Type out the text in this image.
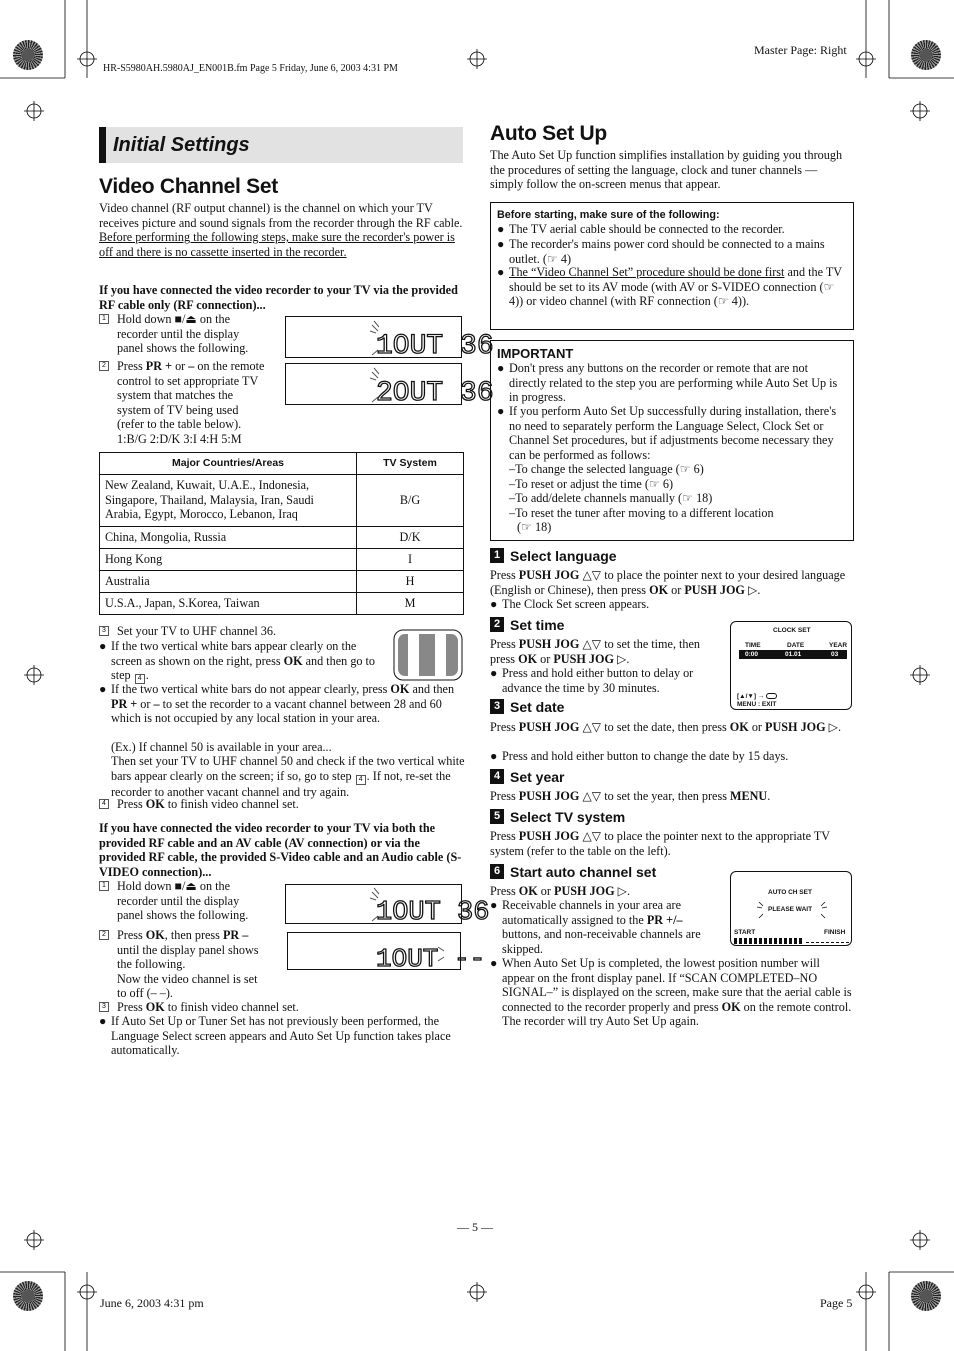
Master Page: Right
HR-S5980AH.5980AJ_EN001B.fm Page 5 Friday, June 6, 2003 4:31 PM
— 5 —
June 6, 2003 4:31 pm	Page 5
Initial Settings
Video Channel Set
Video channel (RF output channel) is the channel on which your TV receives picture and sound signals from the recorder through the RF cable. Before performing the following steps, make sure the recorder's power is off and there is no cassette inserted in the recorder.
If you have connected the video recorder to your TV via the provided RF cable only (RF connection)...
1 Hold down ■/⏏ on the recorder until the display panel shows the following.	1OUT 36
2 Press PR + or – on the remote control to set appropriate TV system that matches the system of TV being used (refer to the table below).
1:B/G 2:D/K 3:I 4:H 5:M
2OUT 36
Major Countries/Areas	TV System
New Zealand, Kuwait, U.A.E., Indonesia, Singapore, Thailand, Malaysia, Iran, Saudi Arabia, Egypt, Morocco, Lebanon, Iraq	B/G
China, Mongolia, Russia	D/K
Hong Kong	I
Australia	H
U.S.A., Japan, S.Korea, Taiwan	M
3 Set your TV to UHF channel 36.
● If the two vertical white bars appear clearly on the screen as shown on the right, press OK and then go to step 4 .
● If the two vertical white bars do not appear clearly, press OK and then PR + or – to set the recorder to a vacant channel between 28 and 60 which is not occupied by any local station in your area.
(Ex.) If channel 50 is available in your area...
Then set your TV to UHF channel 50 and check if the two vertical white bars appear clearly on the screen; if so, go to step 4 . If not, re-set the recorder to another vacant channel and try again.
4 Press OK to finish video channel set.
If you have connected the video recorder to your TV via both the provided RF cable and an AV cable (AV connection) or via the provided RF cable, the provided S-Video cable and an Audio cable (S-VIDEO connection)...
1 Hold down ■/⏏ on the recorder until the display panel shows the following.	1OUT 36
2 Press OK, then press PR – until the display panel shows the following.
Now the video channel is set to off (– –).
1OUT --
3 Press OK to finish video channel set.
● If Auto Set Up or Tuner Set has not previously been performed, the Language Select screen appears and Auto Set Up function takes place automatically.
Auto Set Up
The Auto Set Up function simplifies installation by guiding you through the procedures of setting the language, clock and tuner channels — simply follow the on-screen menus that appear.
Before starting, make sure of the following:
● The TV aerial cable should be connected to the recorder.
● The recorder's mains power cord should be connected to a mains outlet. (☞ 4)
● The “Video Channel Set” procedure should be done first and the TV should be set to its AV mode (with AV or S-VIDEO connection (☞ 4)) or video channel (with RF connection (☞ 4)).
IMPORTANT
● Don't press any buttons on the recorder or remote that are not directly related to the step you are performing while Auto Set Up is in progress.
● If you perform Auto Set Up successfully during installation, there's no need to separately perform the Language Select, Clock Set or Channel Set procedures, but if adjustments become necessary they can be performed as follows:
–To change the selected language (☞ 6)
–To reset or adjust the time (☞ 6)
–To add/delete channels manually (☞ 18)
–To reset the tuner after moving to a different location
(☞ 18)
1 Select language
Press PUSH JOG △▽ to place the pointer next to your desired language (English or Chinese), then press OK or PUSH JOG ▷.
● The Clock Set screen appears.
2 Set time
Press PUSH JOG △▽ to set the time, then press OK or PUSH JOG ▷.
● Press and hold either button to delay or advance the time by 30 minutes.
CLOCK SET
TIME	DATE	YEAR
0:00	01.01	03
[▲/▼] →
MENU : EXIT
3 Set date
Press PUSH JOG △▽ to set the date, then press OK or PUSH JOG ▷.
● Press and hold either button to change the date by 15 days.
4 Set year
Press PUSH JOG △▽ to set the year, then press MENU.
5 Select TV system
Press PUSH JOG △▽ to place the pointer next to the appropriate TV system (refer to the table on the left).
6 Start auto channel set
Press OK or PUSH JOG ▷.
● Receivable channels in your area are automatically assigned to the PR +/– buttons, and non-receivable channels are skipped.
AUTO CH SET
PLEASE WAIT
START	FINISH
● When Auto Set Up is completed, the lowest position number will appear on the front display panel. If “SCAN COMPLETED–NO SIGNAL–” is displayed on the screen, make sure that the aerial cable is connected to the recorder properly and press OK on the remote control. The recorder will try Auto Set Up again.
